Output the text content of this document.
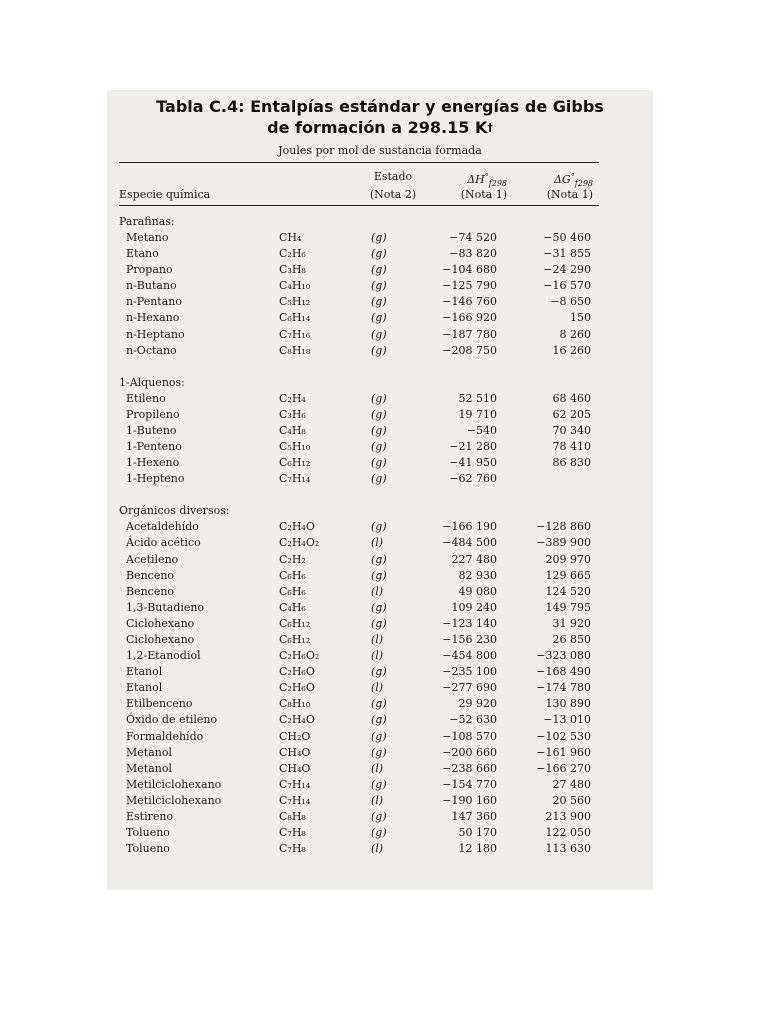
Tabla C.4: Entalpías estándar y energías de Gibbs
de formación a 298.15 K†
Joules por mol de sustancia formada
Estado
(Nota 2)
$\Delta H^\circ_{f298}$
(Nota 1)
$\Delta G^\circ_{f298}$
(Nota 1)
Especie química
Parafinas:
Metano	CH₄	(g)	−74 520	−50 460
Etano	C₂H₆	(g)	−83 820	−31 855
Propano	C₃H₈	(g)	−104 680	−24 290
n-Butano	C₄H₁₀	(g)	−125 790	−16 570
n-Pentano	C₅H₁₂	(g)	−146 760	−8 650
n-Hexano	C₆H₁₄	(g)	−166 920	150
n-Heptano	C₇H₁₆	(g)	−187 780	8 260
n-Octano	C₈H₁₈	(g)	−208 750	16 260
1-Alquenos:
Etileno	C₂H₄	(g)	52 510	68 460
Propileno	C₃H₆	(g)	19 710	62 205
1-Buteno	C₄H₈	(g)	−540	70 340
1-Penteno	C₅H₁₀	(g)	−21 280	78 410
1-Hexeno	C₆H₁₂	(g)	−41 950	86 830
1-Hepteno	C₇H₁₄	(g)	−62 760
Orgánicos diversos:
Acetaldehído	C₂H₄O	(g)	−166 190	−128 860
Ácido acético	C₂H₄O₂	(l)	−484 500	−389 900
Acetileno	C₂H₂	(g)	227 480	209 970
Benceno	C₆H₆	(g)	82 930	129 665
Benceno	C₆H₆	(l)	49 080	124 520
1,3-Butadieno	C₄H₆	(g)	109 240	149 795
Ciclohexano	C₆H₁₂	(g)	−123 140	31 920
Ciclohexano	C₆H₁₂	(l)	−156 230	26 850
1,2-Etanodiol	C₂H₆O₂	(l)	−454 800	−323 080
Etanol	C₂H₆O	(g)	−235 100	−168 490
Etanol	C₂H₆O	(l)	−277 690	−174 780
Etilbenceno	C₈H₁₀	(g)	29 920	130 890
Óxido de etileno	C₂H₄O	(g)	−52 630	−13 010
Formaldehído	CH₂O	(g)	−108 570	−102 530
Metanol	CH₄O	(g)	−200 660	−161 960
Metanol	CH₄O	(l)	−238 660	−166 270
Metilciclohexano	C₇H₁₄	(g)	−154 770	27 480
Metilciclohexano	C₇H₁₄	(l)	−190 160	20 560
Estireno	C₈H₈	(g)	147 360	213 900
Tolueno	C₇H₈	(g)	50 170	122 050
Tolueno	C₇H₈	(l)	12 180	113 630
